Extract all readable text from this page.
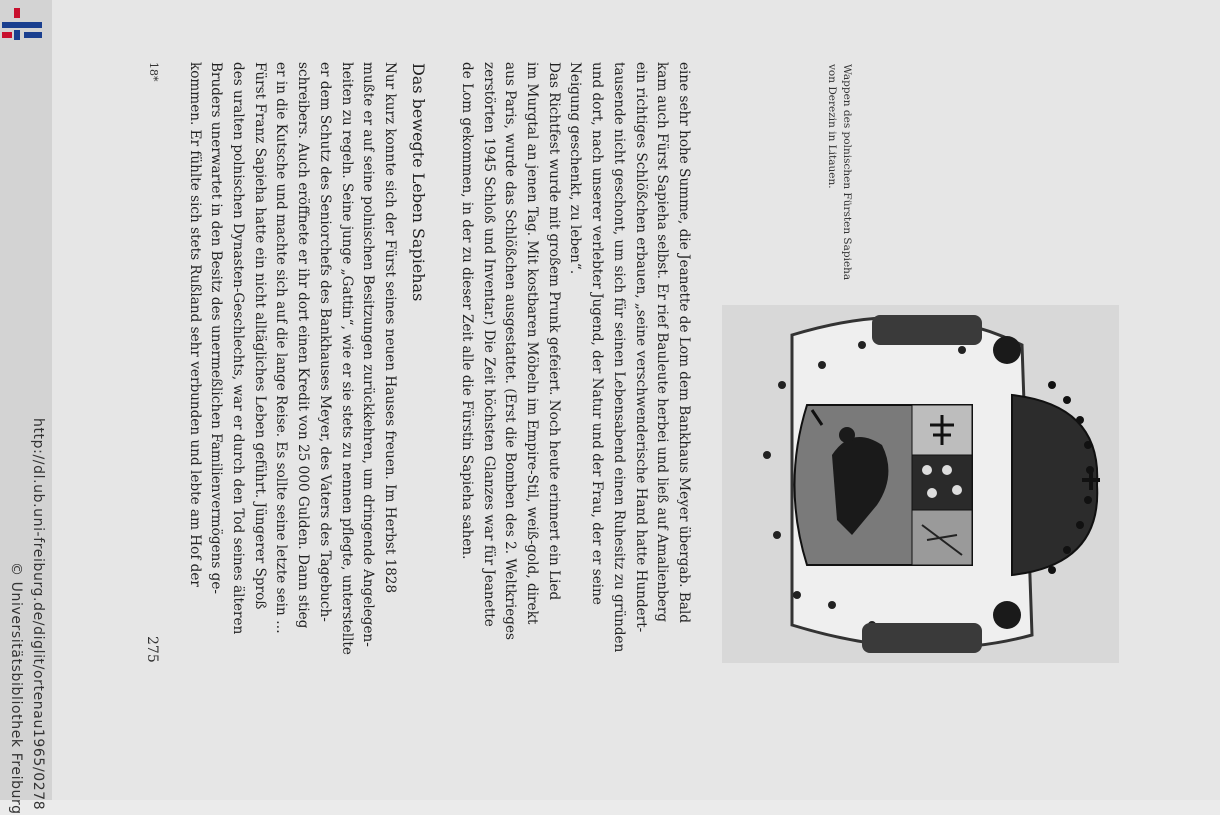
http://dl.ub.uni-freiburg.de/diglit/ortenau1965/0278
© Universitätsbibliothek Freiburg
Wappen des polnischen Fürsten Sapieha
von Derezin in Litauen.
Das bewegte Leben Sapiehas	eine sehr hohe Summe, die Jeanette de Lom dem Bankhaus Meyer übergab. Bald
kam auch Fürst Sapieha selbst. Er rief Bauleute herbei und ließ auf Amalienberg
ein richtiges Schlößchen erbauen, „seine verschwenderische Hand hatte Hundert-
tausende nicht geschont, um sich für seinen Lebensabend einen Ruhesitz zu gründen
und dort, nach unserer verlebter Jugend, der Natur und der Frau, der er seine
Neigung geschenkt, zu leben“.
Das Richtfest wurde mit großem Prunk gefeiert. Noch heute erinnert ein Lied
im Murgtal an jenen Tag. Mit kostbaren Möbeln im Empire-Stil, weiß-gold, direkt
aus Paris, wurde das Schlößchen ausgestattet. (Erst die Bomben des 2. Weltkrieges
zerstörten 1945 Schloß und Inventar.) Die Zeit höchsten Glanzes war für Jeanette
de Lom gekommen, in der zu dieser Zeit alle die Fürstin Sapieha sahen.
Nur kurz konnte sich der Fürst seines neuen Hauses freuen. Im Herbst 1828
mußte er auf seine polnischen Besitzungen zurückkehren, um dringende Angelegen-
heiten zu regeln. Seine junge „Gattin“, wie er sie stets zu nennen pflegte, unterstellte
er dem Schutz des Seniorchefs des Bankhauses Meyer, des Vaters des Tagebuch-
schreibers. Auch eröffnete er ihr dort einen Kredit von 25 000 Gulden. Dann stieg
er in die Kutsche und machte sich auf die lange Reise. Es sollte seine letzte sein …
Fürst Franz Sapieha hatte ein nicht alltägliches Leben geführt. Jüngerer Sproß
des uralten polnischen Dynasten-Geschlechts, war er durch den Tod seines älteren
Bruders unerwartet in den Besitz des unermeßlichen Familienvermögens ge-
kommen. Er fühlte sich stets Rußland sehr verbunden und lebte am Hof der
18*
275
